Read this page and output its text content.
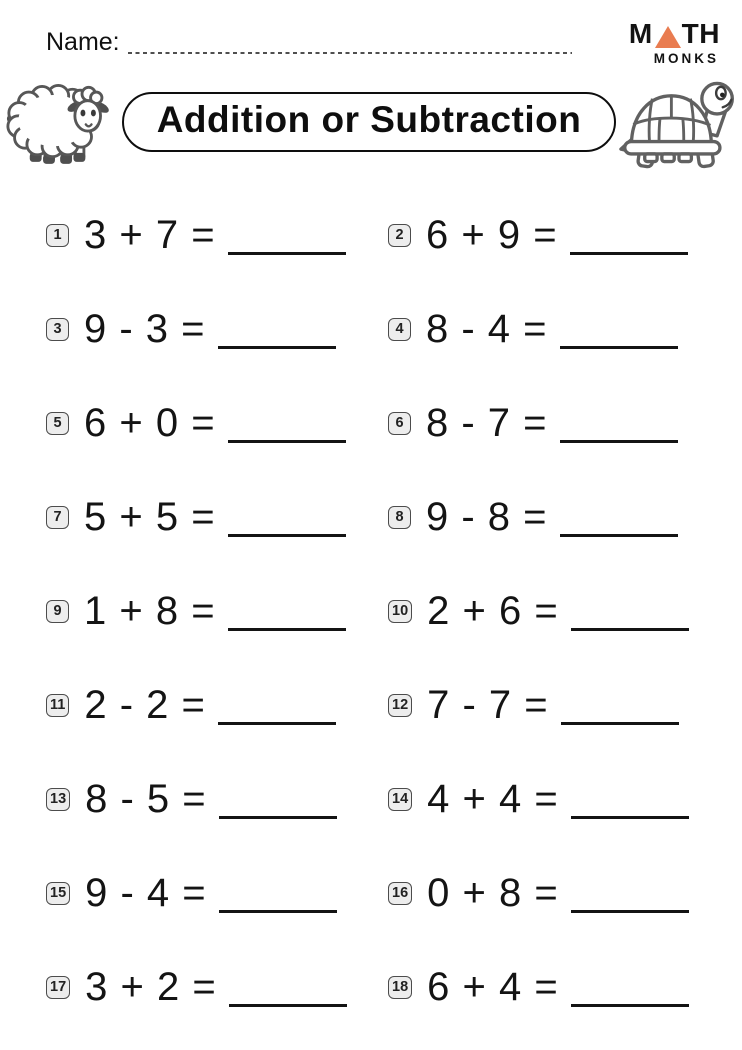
Name:	M TH
MONKS
Addition or Subtraction
1 3 + 7 =	2 6 + 9 =
3 9 - 3 =	4 8 - 4 =
5 6 + 0 =	6 8 - 7 =
7 5 + 5 =	8 9 - 8 =
9 1 + 8 =	10 2 + 6 =
11 2 - 2 =	12 7 - 7 =
13 8 - 5 =	14 4 + 4 =
15 9 - 4 =	16 0 + 8 =
17 3 + 2 =	18 6 + 4 =
